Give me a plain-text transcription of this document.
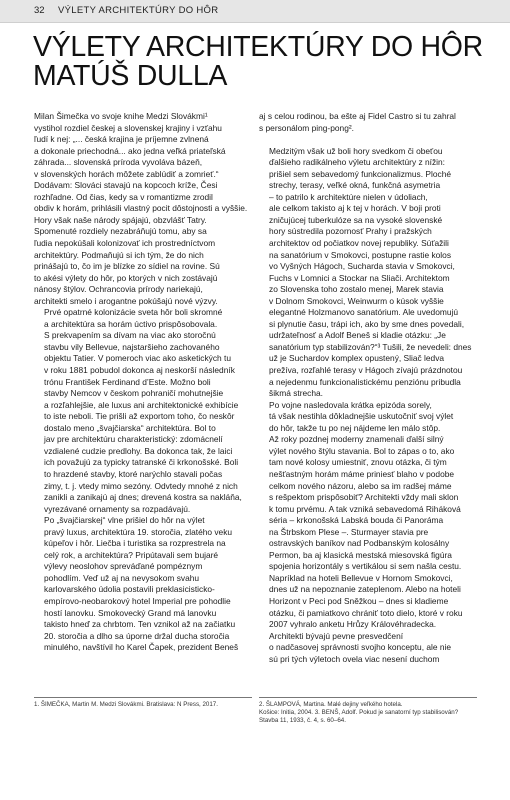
32 VÝLETY ARCHITEKTÚRY DO HÔR
VÝLETY ARCHITEKTÚRY DO HÔR
MATÚŠ DULLA

Milan Šimečka vo svoje knihe Medzi Slovákmi¹
vystihol rozdiel českej a slovenskej krajiny i vzťahu
ľudí k nej: „... česká krajina je príjemne zvlnená
a dokonale priechodná... ako jedna veľká priateľská
záhrada... slovenská príroda vyvoláva bázeň,
v slovenských horách môžete zablúdiť a zomrieť.“
Dodávam: Slováci stavajú na kopcoch kríže, Česi
rozhľadne. Od čias, kedy sa v romantizme zrodil
obdiv k horám, prihlásili vlastný pocit dôstojnosti a vyššie.
Hory však naše národy spájajú, obzvlášť Tatry.
Spomenuté rozdiely nezabráňujú tomu, aby sa
ľudia nepokúšali kolonizovať ich prostredníctvom
architektúry. Podmaňujú si ich tým, že do nich
prinášajú to, čo im je blízke zo sídiel na rovine. Sú
to akési výlety do hôr, po ktorých v nich zostávajú
nánosy štýlov. Ochrancovia prírody nariekajú,
architekti smelo i arogantne pokúšajú nové výzvy.

Prvé opatrné kolonizácie sveta hôr boli skromné
a architektúra sa horám úctivo prispôsobovala.
S prekvapením sa dívam na viac ako storočnú
stavbu vily Bellevue, najstaršieho zachovaného
objektu Tatier. V pomeroch viac ako asketických tu
v roku 1881 pobudol dokonca aj neskorší následník
trónu František Ferdinand d’Este. Možno boli
stavby Nemcov v českom pohraničí mohutnejšie
a rozľahlejšie, ale luxus ani architektonické exhibície
to iste neboli. Tie prišli až exportom toho, čo neskôr
dostalo meno „švajčiarska“ architektúra. Bol to
jav pre architektúru charakteristický: zdomácnelí
vzdialené cudzie predlohy. Ba dokonca tak, že laici
ich považujú za typicky tatranské či krkonošské. Boli
to hrazdené stavby, ktoré narýchlo stavali počas
zimy, t. j. vtedy mimo sezóny. Odvtedy mnohé z nich
zanikli a zanikajú aj dnes; drevená kostra sa nakláňa,
vyrezávané ornamenty sa rozpadávajú.

Po „švajčiarskej“ vlne prišiel do hôr na výlet
pravý luxus, architektúra 19. storočia, zlatého veku
kúpeľov i hôr. Liečba i turistika sa rozprestrela na
celý rok, a architektúra? Pripútavali sem bujaré
výlevy neoslohov spreváďané pompéznym
pohodlím. Veď už aj na nevysokom svahu
karlovarského údolia postavili preklasicisticko-
empírovo-neobarokový hotel Imperial pre pohodlie
hostí lanovku. Smokovecký Grand má lanovku
takisto hneď za chrbtom. Ten vznikol až na začiatku
20. storočia a dlho sa úporne držal ducha storočia
minulého, navštívil ho Karel Čapek, prezident Beneš

aj s celou rodinou, ba ešte aj Fidel Castro si tu zahral
s personálom ping-pong².

Medzitým však už boli hory svedkom či obeťou
ďalšieho radikálneho výletu architektúry z nížin:
prišiel sem sebavedomý funkcionalizmus. Ploché
strechy, terasy, veľké okná, funkčná asymetria
– to patrilo k architektúre nielen v údoliach,
ale celkom takisto aj k tej v horách. V boji proti
zničujúcej tuberkulóze sa na vysoké slovenské
hory sústredila pozornosť Prahy i pražských
architektov od počiatkov novej republiky. Súťažili
na sanatórium v Smokovci, postupne rastie kolos
vo Vyšných Hágoch, Sucharda stavia v Smokovci,
Fuchs v Lomnici a Stockar na Sliači. Architektom
zo Slovenska toho zostalo menej, Marek stavia
v Dolnom Smokovci, Weinwurm o kúsok vyššie
elegantné Holzmanovo sanatórium. Ale uvedomujú
si plynutie času, trápi ich, ako by sme dnes povedali,
udržateľnosť a Adolf Beneš si kladie otázku: „Je
sanatórium typ stabilizován?“³ Tušili, že nevedeli: dnes
už je Suchardov komplex opustený, Sliač ledva
prežíva, rozľahlé terasy v Hágoch zívajú prázdnotou
a nejedenmu funkcionalistickému penziónu pribudla
šikmá strecha.

Po vojne nasledovala krátka epizóda sorely,
tá však nestihla dôkladnejšie uskutočniť svoj výlet
do hôr, takže tu po nej nájdeme len málo stôp.
Až roky pozdnej moderny znamenali ďalší silný
výlet nového štýlu stavania. Bol to zápas o to, ako
tam nové kolosy umiestniť, znovu otázka, či tým
nešťastným horám máme priniesť blaho v podobe
celkom nového názoru, alebo sa im radšej máme
s rešpektom prispôsobiť? Architekti vždy mali sklon
k tomu prvému. A tak vzniká sebavedomá Riháková
séria – krkonošská Labská bouda či Panoráma
na Štrbskom Plese –. Sturmayer stavia pre
ostravských baníkov nad Podbanským kolosálny
Permon, ba aj klasická mestská miesovská figúra
spojenia horizontály s vertikálou si sem našla cestu.
Napríklad na hoteli Bellevue v Hornom Smokovci,
dnes už na nepoznanie zateplenom. Alebo na hoteli
Horizont v Peci pod Sněžkou – dnes si kladieme
otázku, či pamiatkovo chrániť toto dielo, ktoré v roku
2007 vyhralo anketu Hrůzy Královéhradecka.

Architekti bývajú pevne presvedčení
o nadčasovej správnosti svojho konceptu, ale nie
sú pri tých výletoch ovela viac nesení duchom

1. ŠIMEČKA, Martin M. Medzi Slovákmi. Bratislava: N Press, 2017.	2. ŠLAMPOVÁ, Martina. Malé dejiny veľkého hotela.
Košice: Initia, 2004. 3. BENŠ, Adolf. Pokud je sanatorní typ stabilisován?
Stavba 11, 1933, č. 4, s. 60–64.
